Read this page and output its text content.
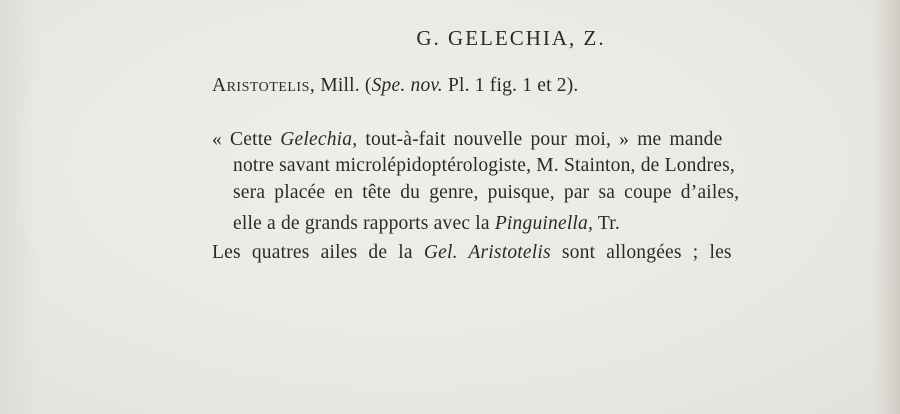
G. GELECHIA, Z.
Aristotelis, Mill. (Spe. nov. Pl. 1 fig. 1 et 2).
« Cette Gelechia, tout-à-fait nouvelle pour moi, » me mande
notre savant microlépidoptérologiste, M. Stainton, de Londres,
sera placée en tête du genre, puisque, par sa coupe d’ailes,
elle a de grands rapports avec la Pinguinella, Tr.
Les quatres ailes de la Gel. Aristotelis sont allongées ; les
